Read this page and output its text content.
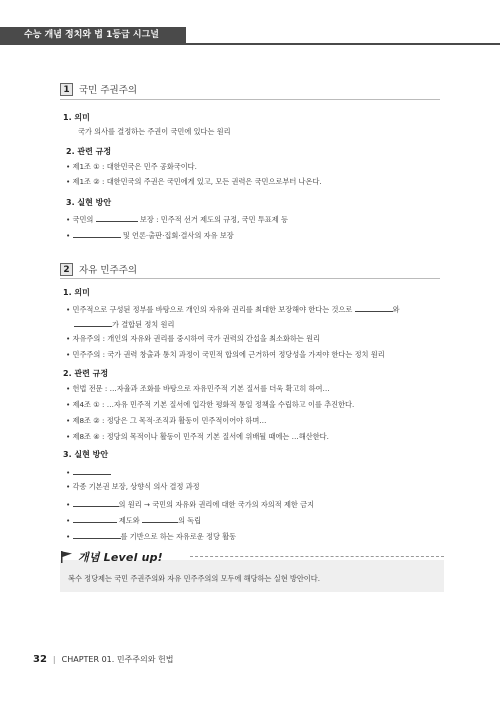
수능 개념 정치와 법 1등급 시그널
1 국민 주권주의
1. 의미
국가 의사를 결정하는 주권이 국민에 있다는 원리
2. 관련 규정
• 제1조 ① : 대한민국은 민주 공화국이다.
• 제1조 ② : 대한민국의 주권은 국민에게 있고, 모든 권력은 국민으로부터 나온다.
3. 실현 방안
• 국민의	보장 : 민주적 선거 제도의 규정, 국민 투표제 등
•	및 언론·출판·집회·결사의 자유 보장
2 자유 민주주의
1. 의미
• 민주적으로 구성된 정부를 바탕으로 개인의 자유와 권리를 최대한 보장해야 한다는 것으로	와
가 결합된 정치 원리
• 자유주의 : 개인의 자유와 권리를 중시하여 국가 권력의 간섭을 최소화하는 원리
• 민주주의 : 국가 권력 창출과 통치 과정이 국민적 합의에 근거하여 정당성을 가져야 한다는 정치 원리
2. 관련 규정
• 헌법 전문 : …자율과 조화를 바탕으로 자유민주적 기본 질서를 더욱 확고히 하여…
• 제4조 ① : …자유 민주적 기본 질서에 입각한 평화적 통일 정책을 수립하고 이를 추진한다.
• 제8조 ② : 정당은 그 목적·조직과 활동이 민주적이어야 하며…
• 제8조 ④ : 정당의 목적이나 활동이 민주적 기본 질서에 위배될 때에는 …해산한다.
3. 실현 방안
•
• 각종 기본권 보장, 상향식 의사 결정 과정
•	의 원리 → 국민의 자유와 권리에 대한 국가의 자의적 제한 금지
•	제도와	의 독립
•	를 기반으로 하는 자유로운 정당 활동
개념 Level up!
복수 정당제는 국민 주권주의와 자유 민주주의의 모두에 해당하는 실현 방안이다.
32 | CHAPTER 01. 민주주의와 헌법
